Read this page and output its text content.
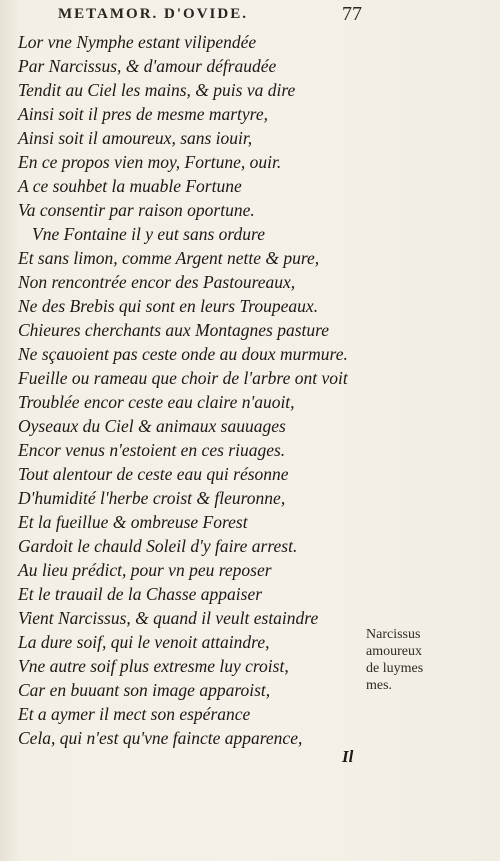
METAMOR. D'OVIDE.	77
Lor vne Nymphe estant vilipendée
Par Narcissus, & d'amour défraudée
Tendit au Ciel les mains, & puis va dire
Ainsi soit il pres de mesme martyre,
Ainsi soit il amoureux, sans iouir,
En ce propos vien moy, Fortune, ouir.
A ce souhbet la muable Fortune
Va consentir par raison oportune.
Vne Fontaine il y eut sans ordure
Et sans limon, comme Argent nette & pure,
Non rencontrée encor des Pastoureaux,
Ne des Brebis qui sont en leurs Troupeaux.
Chieures cherchants aux Montagnes pasture
Ne sçauoient pas ceste onde au doux murmure.
Fueille ou rameau que choir de l'arbre ont voit
Troublée encor ceste eau claire n'auoit,
Oyseaux du Ciel & animaux sauuages
Encor venus n'estoient en ces riuages.
Tout alentour de ceste eau qui résonne
D'humidité l'herbe croist & fleuronne,
Et la fueillue & ombreuse Forest
Gardoit le chauld Soleil d'y faire arrest.
Au lieu prédict, pour vn peu reposer
Et le trauail de la Chasse appaiser
Vient Narcissus, & quand il veult estaindre
La dure soif, qui le venoit attaindre,
Vne autre soif plus extresme luy croist,
Car en buuant son image apparoist,
Et a aymer il mect son espérance
Cela, qui n'est qu'vne faincte apparence,
Narcissus
amoureux
de luymes
mes.
Il
